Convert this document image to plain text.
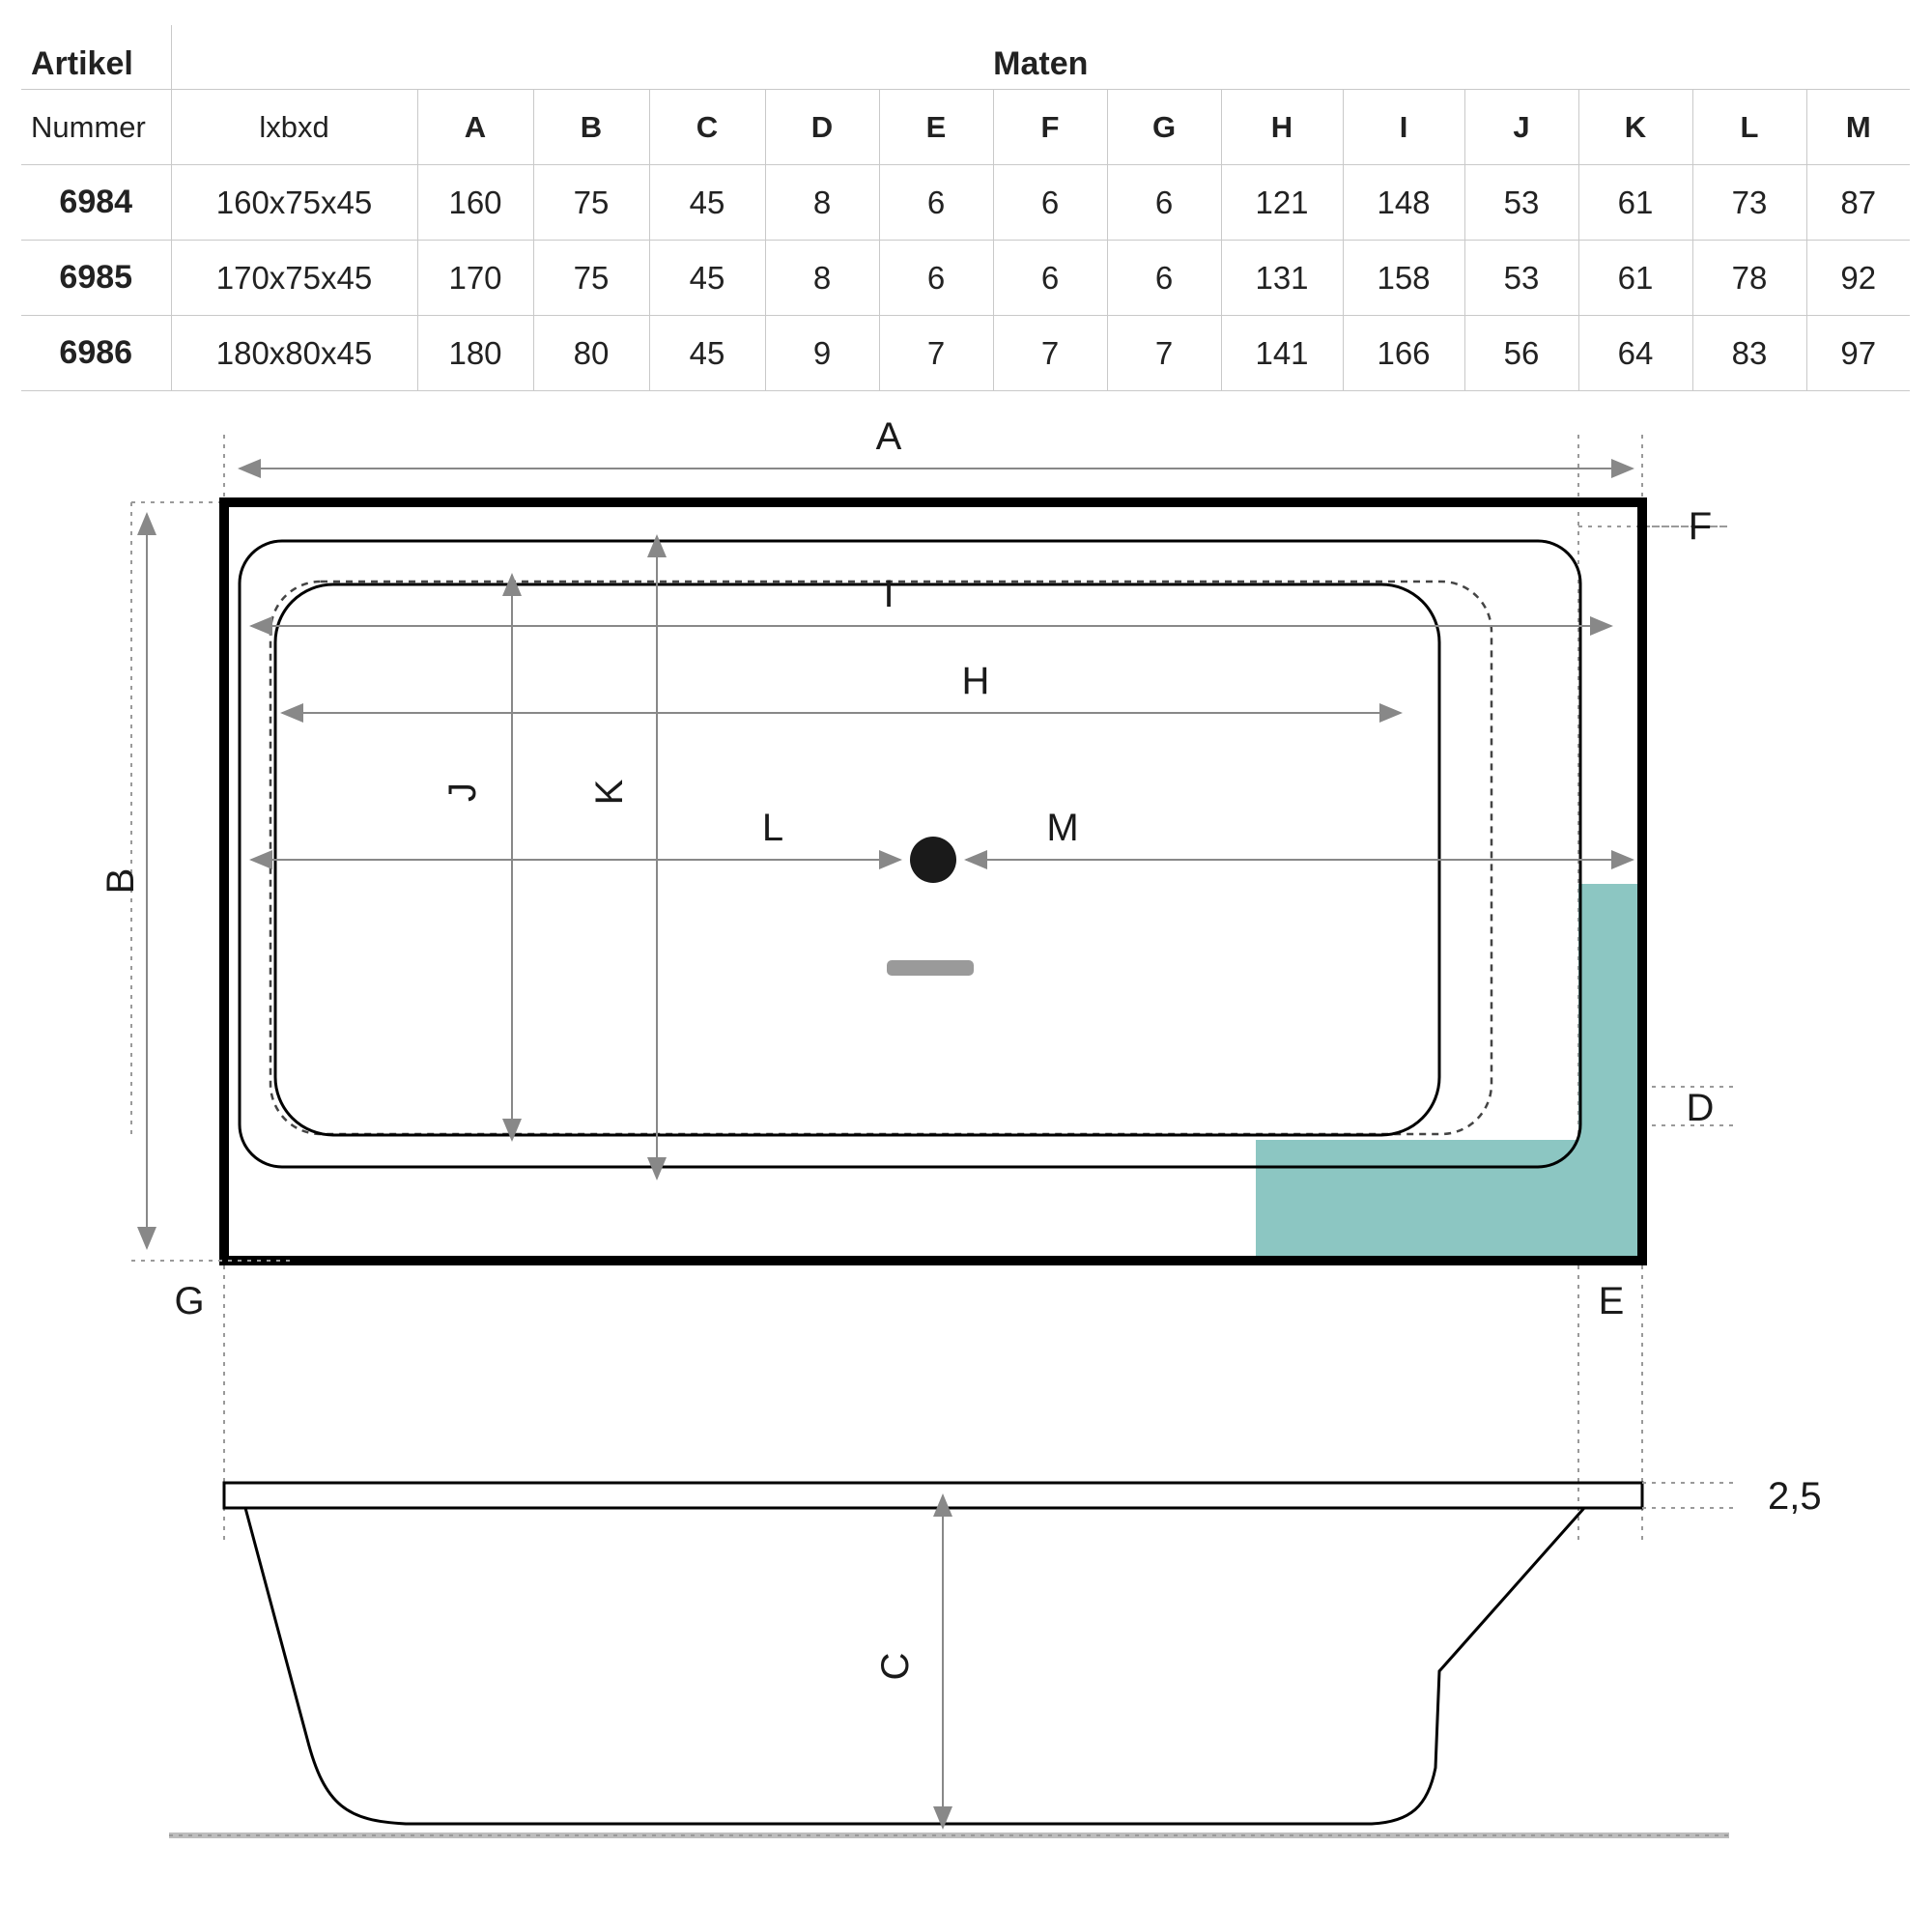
Artikel	Maten													
Nummer	lxbxd	A	B	C	D	E	F	G	H	I	J	K	L	M
6984	160x75x45	160	75	45	8	6	6	6	121	148	53	61	73	87
6985	170x75x45	170	75	45	8	6	6	6	131	158	53	61	78	92
6986	180x80x45	180	80	45	9	7	7	7	141	166	56	64	83	97
A
B
F
D
G	E
I
H
J	K
L	M
2,5
C
